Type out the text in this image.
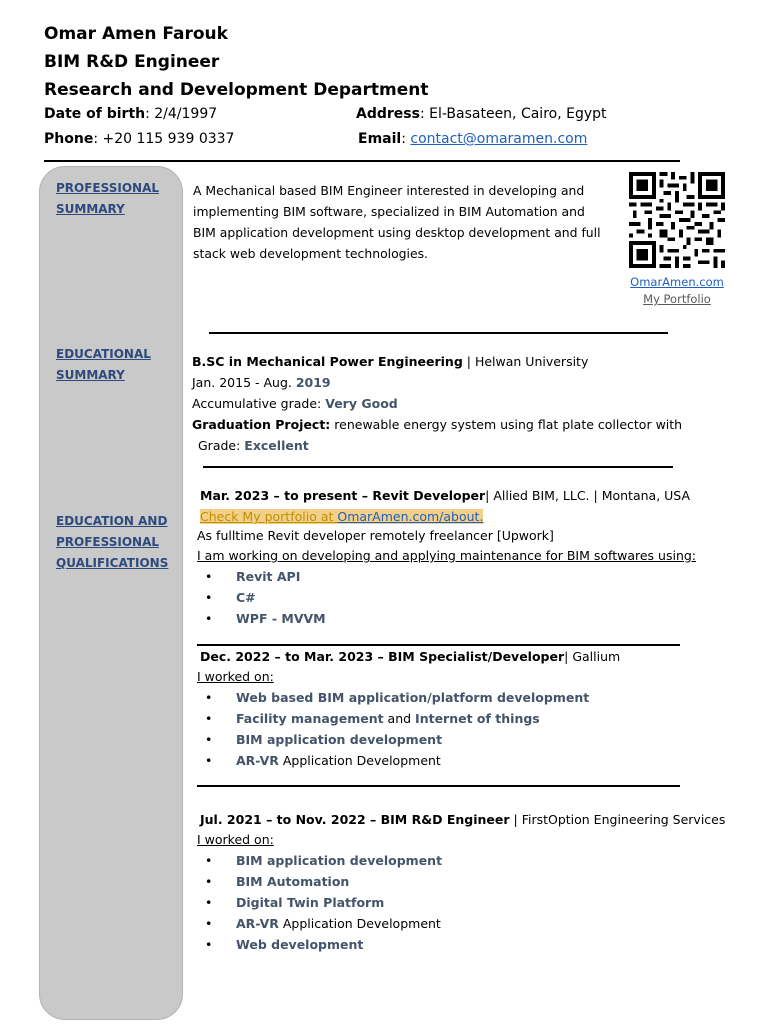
Omar Amen Farouk
BIM R&D Engineer
Research and Development Department
Date of birth: 2/4/1997	Address: El-Basateen, Cairo, Egypt
Phone: +20 115 939 0337	Email: contact@omaramen.com
PROFESSIONAL
SUMMARY
EDUCATIONAL
SUMMARY
EDUCATION AND
PROFESSIONAL
QUALIFICATIONS
A Mechanical based BIM Engineer interested in developing and
implementing BIM software, specialized in BIM Automation and
BIM application development using desktop development and full
stack web development technologies.
OmarAmen.com
My Portfolio
B.SC in Mechanical Power Engineering | Helwan University
Jan. 2015 - Aug. 2019
Accumulative grade: Very Good
Graduation Project: renewable energy system using flat plate collector with
Grade: Excellent
Mar. 2023 – to present – Revit Developer| Allied BIM, LLC. | Montana, USA
Check My portfolio at OmarAmen.com/about.
As fulltime Revit developer remotely freelancer [Upwork]
I am working on developing and applying maintenance for BIM softwares using:
• Revit API
• C#
• WPF - MVVM
Dec. 2022 – to Mar. 2023 – BIM Specialist/Developer| Gallium
I worked on:
• Web based BIM application/platform development
• Facility management and Internet of things
• BIM application development
• AR-VR Application Development
Jul. 2021 – to Nov. 2022 – BIM R&D Engineer | FirstOption Engineering Services
I worked on:
• BIM application development
• BIM Automation
• Digital Twin Platform
• AR-VR Application Development
• Web development
